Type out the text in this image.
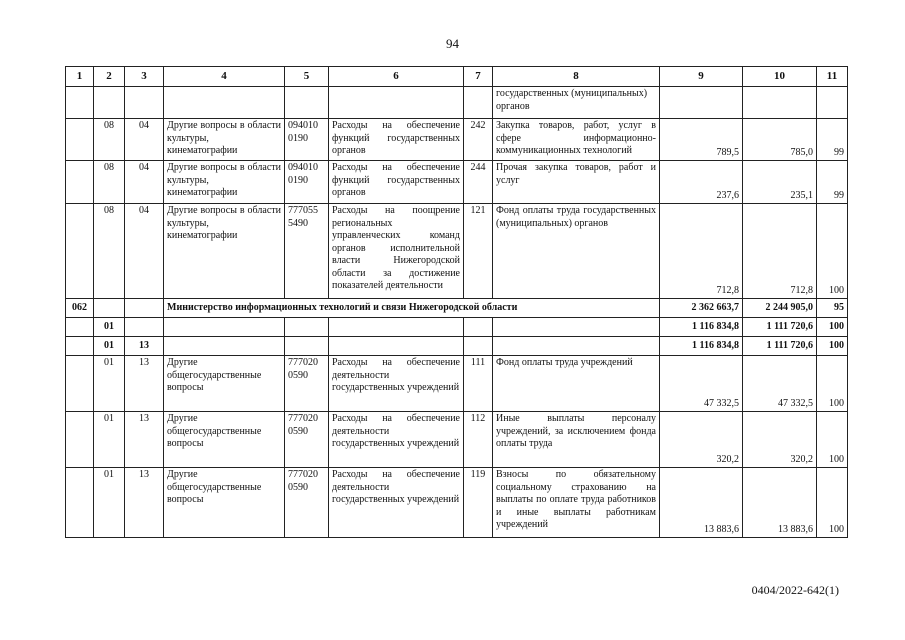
94
1	2	3	4	5	6	7	8	9	10	11
							государственных (муниципальных) органов			
	08	04	Другие вопросы в области культуры, кинематографии	094010 0190	Расходы на обеспечение функций государственных органов	242	Закупка товаров, работ, услуг в сфере информационно-коммуникационных технологий	789,5	785,0	99
	08	04	Другие вопросы в области культуры, кинематографии	094010 0190	Расходы на обеспечение функций государственных органов	244	Прочая закупка товаров, работ и услуг	237,6	235,1	99
	08	04	Другие вопросы в области культуры, кинематографии	777055 5490	Расходы на поощрение региональных управленческих команд органов исполнительной власти Нижегородской области за достижение показателей деятельности	121	Фонд оплаты труда государственных (муниципальных) органов	712,8	712,8	100
062			Министерство информационных технологий и связи Нижегородской области					2 362 663,7	2 244 905,0	95
	01							1 116 834,8	1 111 720,6	100
	01	13						1 116 834,8	1 111 720,6	100
	01	13	Другие общегосударственные вопросы	777020 0590	Расходы на обеспечение деятельности государственных учреждений	111	Фонд оплаты труда учреждений	47 332,5	47 332,5	100
	01	13	Другие общегосударственные вопросы	777020 0590	Расходы на обеспечение деятельности государственных учреждений	112	Иные выплаты персоналу учреждений, за исключением фонда оплаты труда	320,2	320,2	100
	01	13	Другие общегосударственные вопросы	777020 0590	Расходы на обеспечение деятельности государственных учреждений	119	Взносы по обязательному социальному страхованию на выплаты по оплате труда работников и иные выплаты работникам учреждений	13 883,6	13 883,6	100
0404/2022-642(1)
